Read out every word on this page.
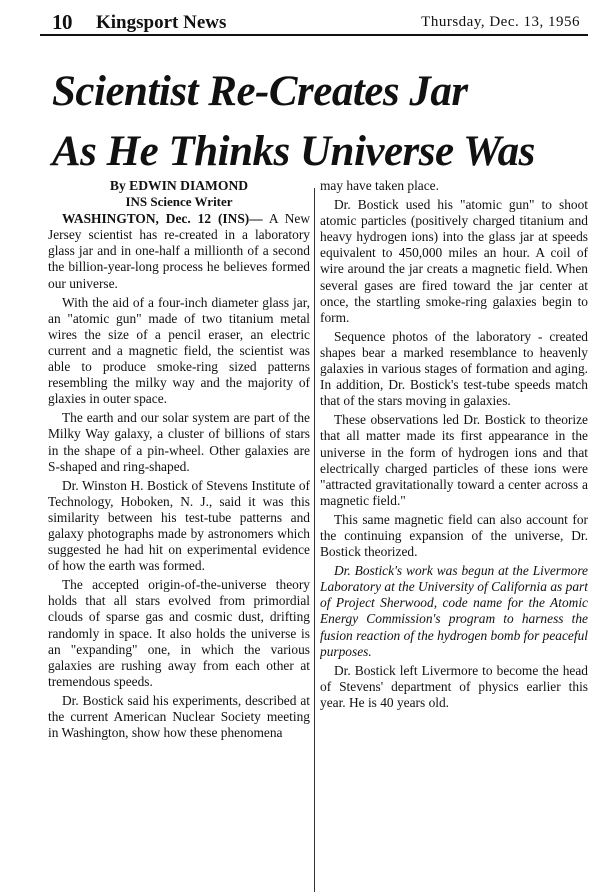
10 Kingsport News	Thursday, Dec. 13, 1956
Scientist Re-Creates Jar
As He Thinks Universe Was
By EDWIN DIAMOND
INS Science Writer

WASHINGTON, Dec. 12 (INS)— A New Jersey scientist has re-created in a laboratory glass jar and in one-half a millionth of a second the billion-year-long process he believes formed our universe.

With the aid of a four-inch diameter glass jar, an "atomic gun" made of two titanium metal wires the size of a pencil eraser, an electric current and a magnetic field, the scientist was able to produce smoke-ring sized patterns resembling the milky way and the majority of glaxies in outer space.

The earth and our solar system are part of the Milky Way galaxy, a cluster of billions of stars in the shape of a pin-wheel. Other galaxies are S-shaped and ring-shaped.

Dr. Winston H. Bostick of Stevens Institute of Technology, Hoboken, N. J., said it was this similarity between his test-tube patterns and galaxy photographs made by astronomers which suggested he had hit on experimental evidence of how the earth was formed.

The accepted origin-of-the-universe theory holds that all stars evolved from primordial clouds of sparse gas and cosmic dust, drifting randomly in space. It also holds the universe is an "expanding" one, in which the various galaxies are rushing away from each other at tremendous speeds.

Dr. Bostick said his experiments, described at the current American Nuclear Society meeting in Washington, show how these phenomena

may have taken place.

Dr. Bostick used his "atomic gun" to shoot atomic particles (positively charged titanium and heavy hydrogen ions) into the glass jar at speeds equivalent to 450,000 miles an hour. A coil of wire around the jar creats a magnetic field. When several gases are fired toward the jar center at once, the startling smoke-ring galaxies begin to form.

Sequence photos of the laboratory - created shapes bear a marked resemblance to heavenly galaxies in various stages of formation and aging. In addition, Dr. Bostick's test-tube speeds match that of the stars moving in galaxies.

These observations led Dr. Bostick to theorize that all matter made its first appearance in the universe in the form of hydrogen ions and that electrically charged particles of these ions were "attracted gravitationally toward a center across a magnetic field."

This same magnetic field can also account for the continuing expansion of the universe, Dr. Bostick theorized.

Dr. Bostick's work was begun at the Livermore Laboratory at the University of California as part of Project Sherwood, code name for the Atomic Energy Commission's program to harness the fusion reaction of the hydrogen bomb for peaceful purposes.

Dr. Bostick left Livermore to become the head of Stevens' department of physics earlier this year. He is 40 years old.
